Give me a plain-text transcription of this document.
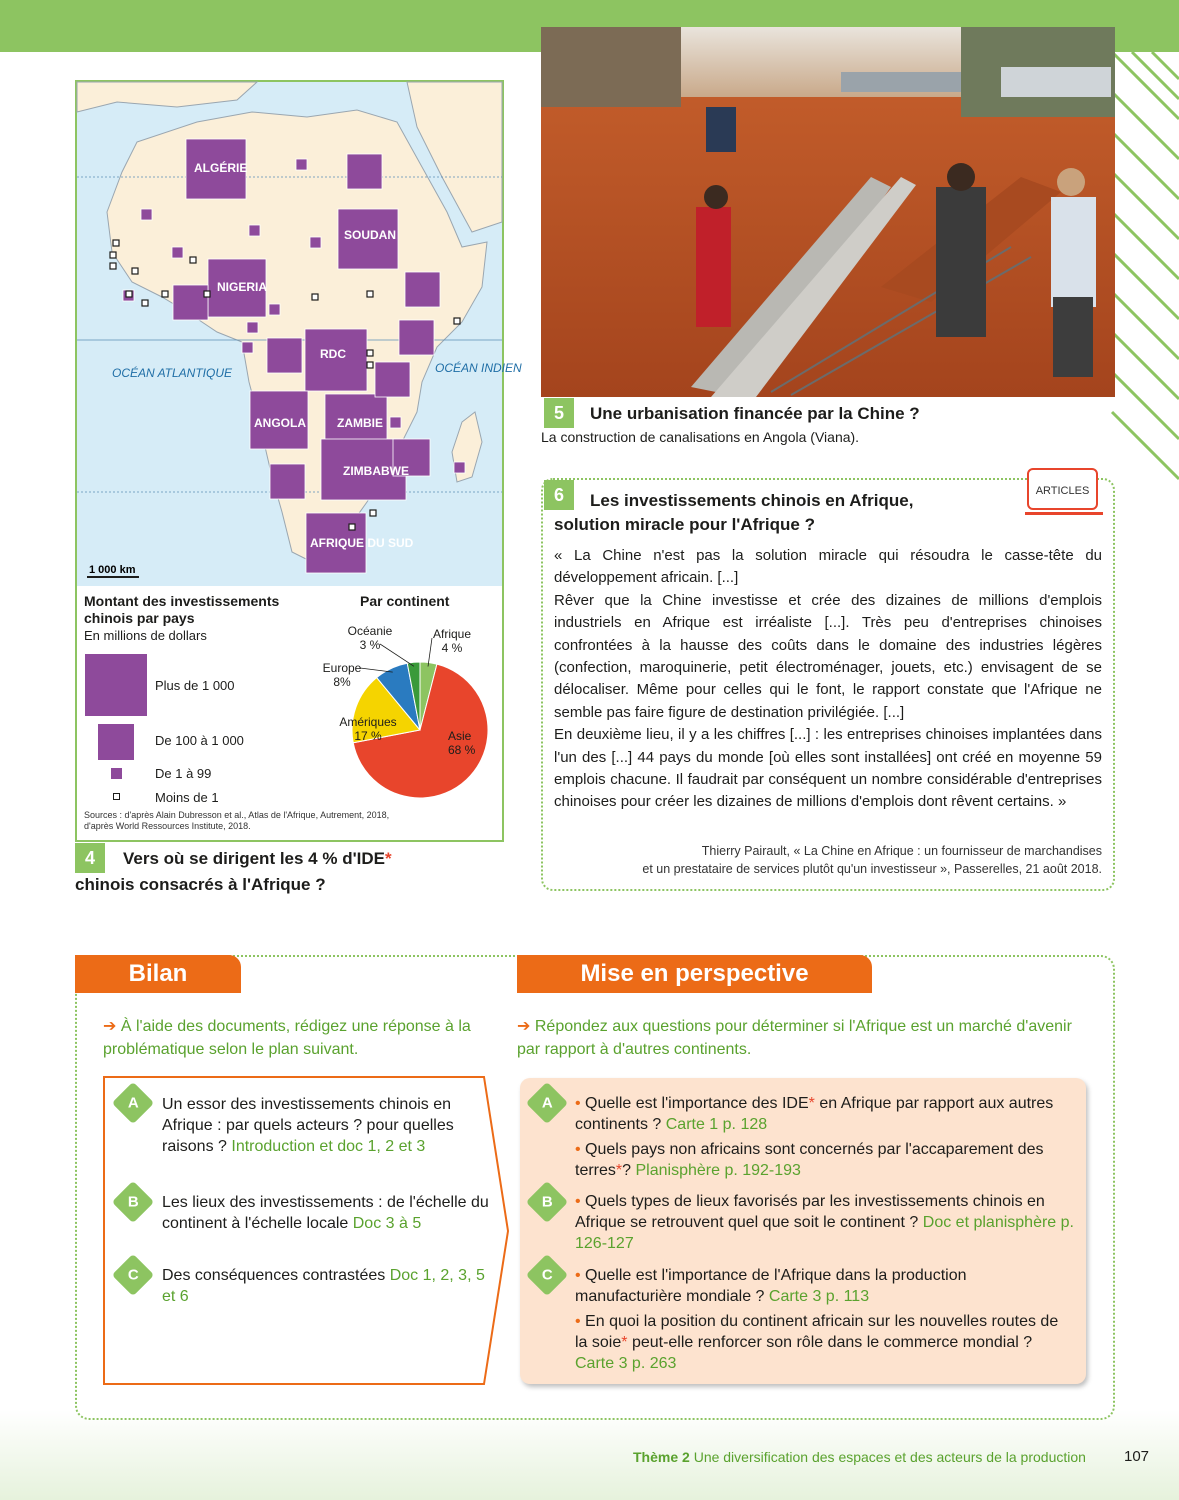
ALGÉRIE
SOUDAN
NIGERIA
RDC
ANGOLA	ZAMBIE
ZIMBABWE
AFRIQUE DU SUD
OCÉAN ATLANTIQUE	OCÉAN INDIEN
1 000 km
Montant des investissements chinois par pays
En millions de dollars
Plus de 1 000
De 100 à 1 000
De 1 à 99
Moins de 1
Par continent
Asie
68 %
Amériques
17 %
Europe
8%
Océanie
3 %
Afrique
4 %
Sources : d'après Alain Dubresson et al., Atlas de l'Afrique, Autrement, 2018,
d'après World Ressources Institute, 2018.
4	Vers où se dirigent les 4 % d'IDE*
chinois consacrés à l'Afrique ?
5	Une urbanisation financée par la Chine ?
La construction de canalisations en Angola (Viana).
ARTICLES
6	Les investissements chinois en Afrique,
solution miracle pour l'Afrique ?

« La Chine n'est pas la solution miracle qui résoudra le casse-tête du développement africain. [...]

Rêver que la Chine investisse et crée des dizaines de millions d'emplois industriels en Afrique est irréaliste [...]. Très peu d'entreprises chinoises confrontées à la hausse des coûts dans le domaine des industries légères (confection, maroquinerie, petit électroménager, jouets, etc.) envisagent de se délocaliser. Même pour celles qui le font, le rapport constate que l'Afrique ne semble pas faire figure de destination privilégiée. [...]

En deuxième lieu, il y a les chiffres [...] : les entreprises chinoises implantées dans l'un des [...] 44 pays du monde [où elles sont installées] ont créé en moyenne 59 emplois chacune. Il faudrait par conséquent un nombre considérable d'entreprises chinoises pour créer les dizaines de millions d'emplois dont rêvent certains. »

Thierry Pairault, « La Chine en Afrique : un fournisseur de marchandises
et un prestataire de services plutôt qu'un investisseur », Passerelles, 21 août 2018.
Bilan	Mise en perspective
➔ À l'aide des documents, rédigez une réponse à la problématique selon le plan suivant.
➔ Répondez aux questions pour déterminer si l'Afrique est un marché d'avenir par rapport à d'autres continents.
A	Un essor des investissements chinois en Afrique : par quels acteurs ? pour quelles raisons ? Introduction et doc 1, 2 et 3
B	Les lieux des investissements : de l'échelle du continent à l'échelle locale Doc 3 à 5
C	Des conséquences contrastées Doc 1, 2, 3, 5 et 6
A	• Quelle est l'importance des IDE* en Afrique par rapport aux autres continents ? Carte 1 p. 128
• Quels pays non africains sont concernés par l'accaparement des terres*? Planisphère p. 192-193
B	• Quels types de lieux favorisés par les investissements chinois en Afrique se retrouvent quel que soit le continent ? Doc et planisphère p. 126-127
C	• Quelle est l'importance de l'Afrique dans la production manufacturière mondiale ? Carte 3 p. 113
• En quoi la position du continent africain sur les nouvelles routes de la soie* peut-elle renforcer son rôle dans le commerce mondial ? Carte 3 p. 263
Thème 2 Une diversification des espaces et des acteurs de la production	107
